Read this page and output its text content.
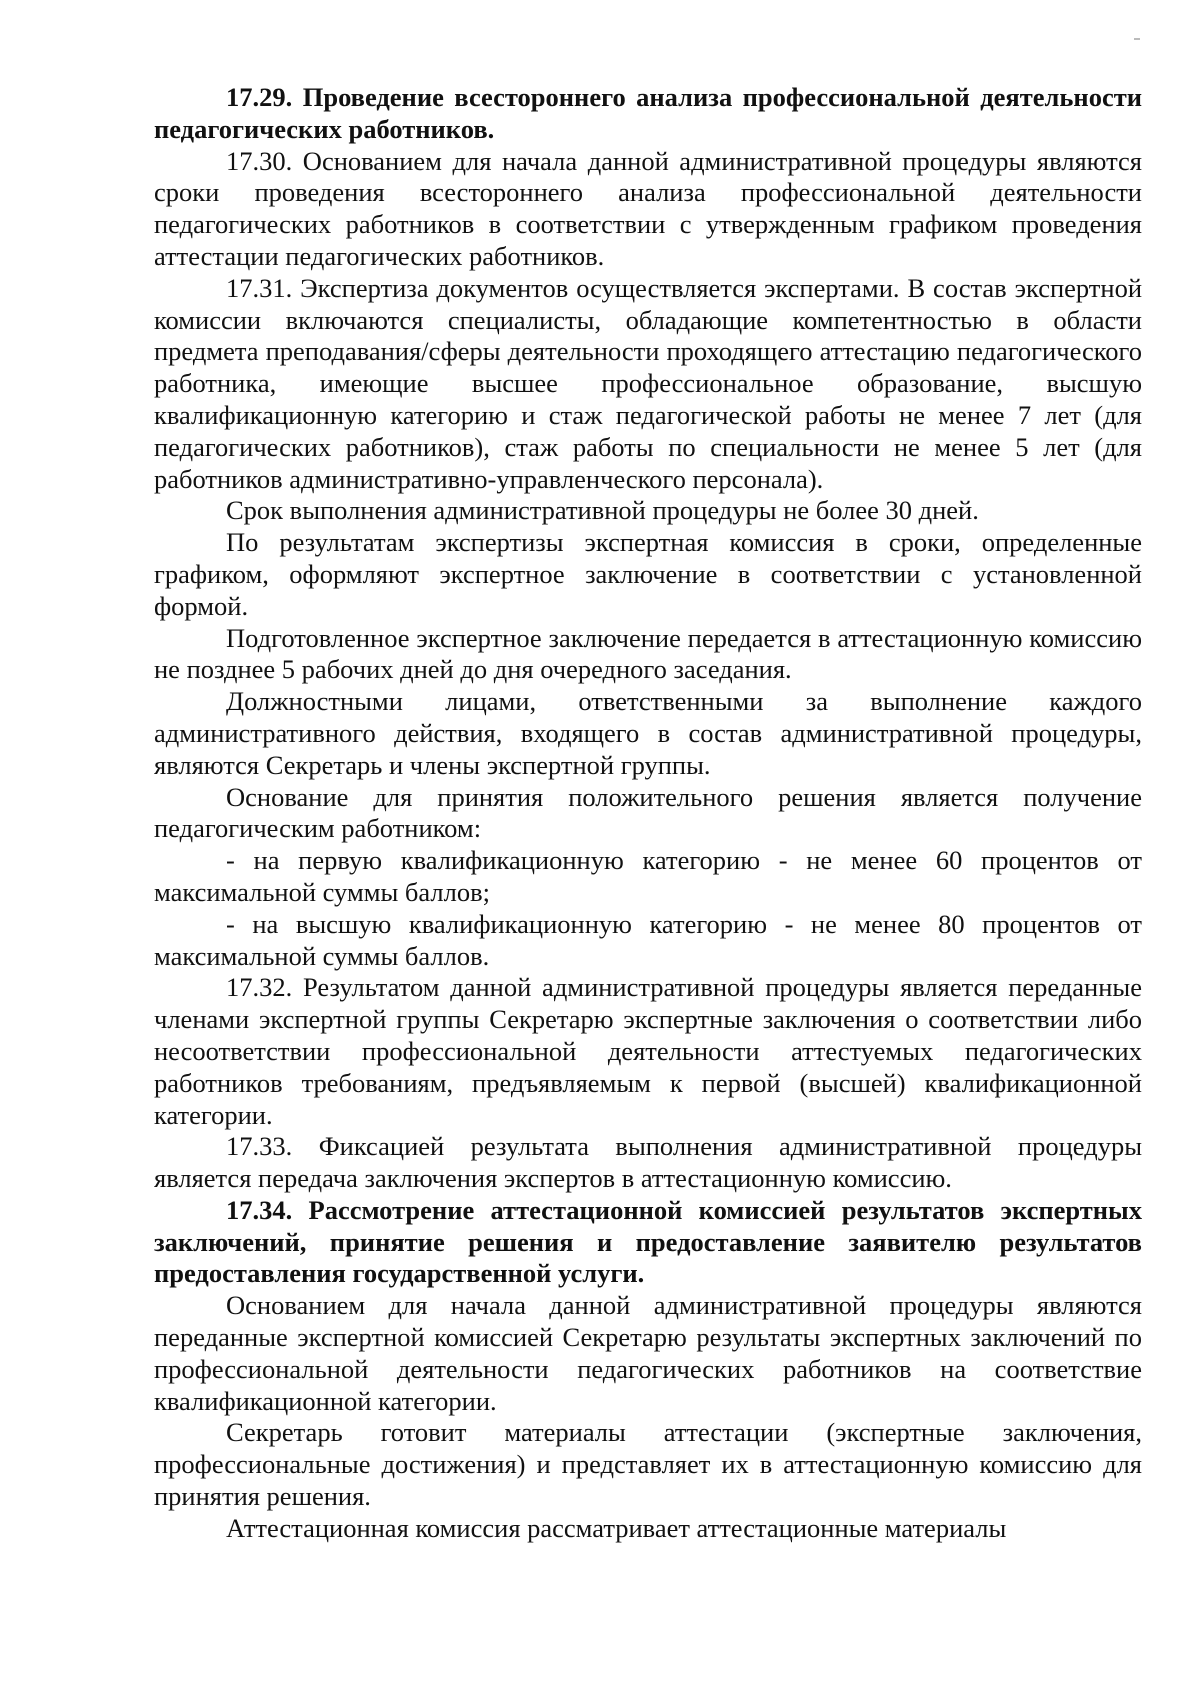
17.29. Проведение всестороннего анализа профессиональной деятельности педагогических работников.

17.30. Основанием для начала данной административной процедуры являются сроки проведения всестороннего анализа профессиональной деятельности педагогических работников в соответствии с утвержденным графиком проведения аттестации педагогических работников.

17.31. Экспертиза документов осуществляется экспертами. В состав экспертной комиссии включаются специалисты, обладающие компетентностью в области предмета преподавания/сферы деятельности проходящего аттестацию педагогического работника, имеющие высшее профессиональное образование, высшую квалификационную категорию и стаж педагогической работы не менее 7 лет (для педагогических работников), стаж работы по специальности не менее 5 лет (для работников административно-управленческого персонала).

Срок выполнения административной процедуры не более 30 дней.

По результатам экспертизы экспертная комиссия в сроки, определенные графиком, оформляют экспертное заключение в соответствии с установленной формой.

Подготовленное экспертное заключение передается в аттестационную комиссию не позднее 5 рабочих дней до дня очередного заседания.

Должностными лицами, ответственными за выполнение каждого административного действия, входящего в состав административной процедуры, являются Секретарь и члены экспертной группы.

Основание для принятия положительного решения является получение педагогическим работником:

- на первую квалификационную категорию - не менее 60 процентов от максимальной суммы баллов;

- на высшую квалификационную категорию - не менее 80 процентов от максимальной суммы баллов.

17.32. Результатом данной административной процедуры является переданные членами экспертной группы Секретарю экспертные заключения о соответствии либо несоответствии профессиональной деятельности аттестуемых педагогических работников требованиям, предъявляемым к первой (высшей) квалификационной категории.

17.33. Фиксацией результата выполнения административной процедуры является передача заключения экспертов в аттестационную комиссию.

17.34. Рассмотрение аттестационной комиссией результатов экспертных заключений, принятие решения и предоставление заявителю результатов предоставления государственной услуги.

Основанием для начала данной административной процедуры являются переданные экспертной комиссией Секретарю результаты экспертных заключений по профессиональной деятельности педагогических работников на соответствие квалификационной категории.

Секретарь готовит материалы аттестации (экспертные заключения, профессиональные достижения) и представляет их в аттестационную комиссию для принятия решения.

Аттестационная комиссия рассматривает аттестационные материалы
